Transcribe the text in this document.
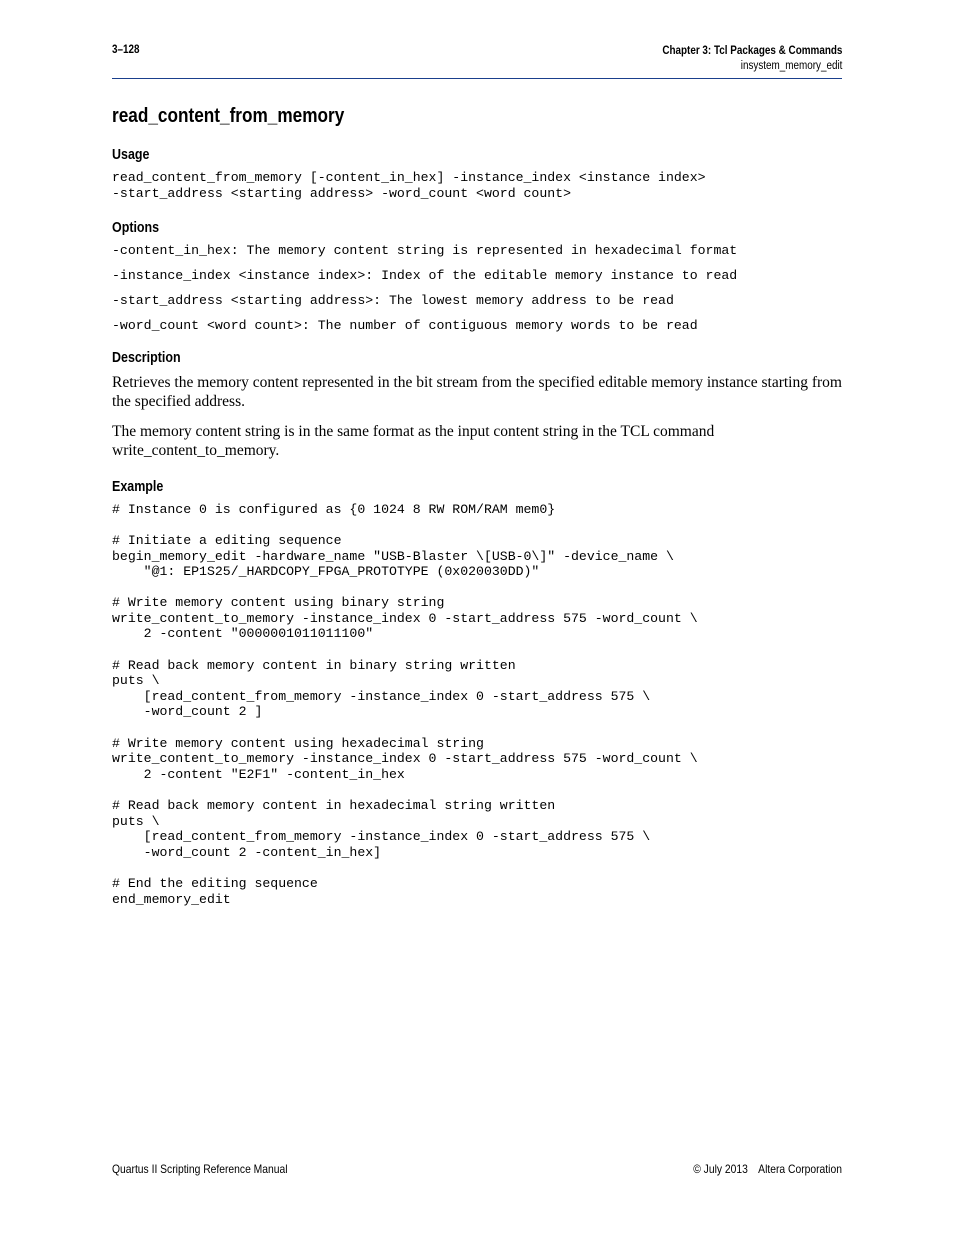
3–128	Chapter 3: Tcl Packages & Commands
insystem_memory_edit
read_content_from_memory
Usage
read_content_from_memory [-content_in_hex] -instance_index <instance index>
-start_address <starting address> -word_count <word count>
Options
-content_in_hex: The memory content string is represented in hexadecimal format
-instance_index <instance index>: Index of the editable memory instance to read
-start_address <starting address>: The lowest memory address to be read
-word_count <word count>: The number of contiguous memory words to be read
Description

Retrieves the memory content represented in the bit stream from the specified editable memory instance starting from the specified address.

The memory content string is in the same format as the input content string in the TCL command write_content_to_memory.

Example
# Instance 0 is configured as {0 1024 8 RW ROM/RAM mem0}

# Initiate a editing sequence
begin_memory_edit -hardware_name "USB-Blaster \[USB-0\]" -device_name \
"@1: EP1S25/_HARDCOPY_FPGA_PROTOTYPE (0x020030DD)"

# Write memory content using binary string
write_content_to_memory -instance_index 0 -start_address 575 -word_count \
2 -content "0000001011011100"

# Read back memory content in binary string written
puts \
[read_content_from_memory -instance_index 0 -start_address 575 \
-word_count 2 ]

# Write memory content using hexadecimal string
write_content_to_memory -instance_index 0 -start_address 575 -word_count \
2 -content "E2F1" -content_in_hex

# Read back memory content in hexadecimal string written
puts \
[read_content_from_memory -instance_index 0 -start_address 575 \
-word_count 2 -content_in_hex]

# End the editing sequence
end_memory_edit
Quartus II Scripting Reference Manual	© July 2013 Altera Corporation
